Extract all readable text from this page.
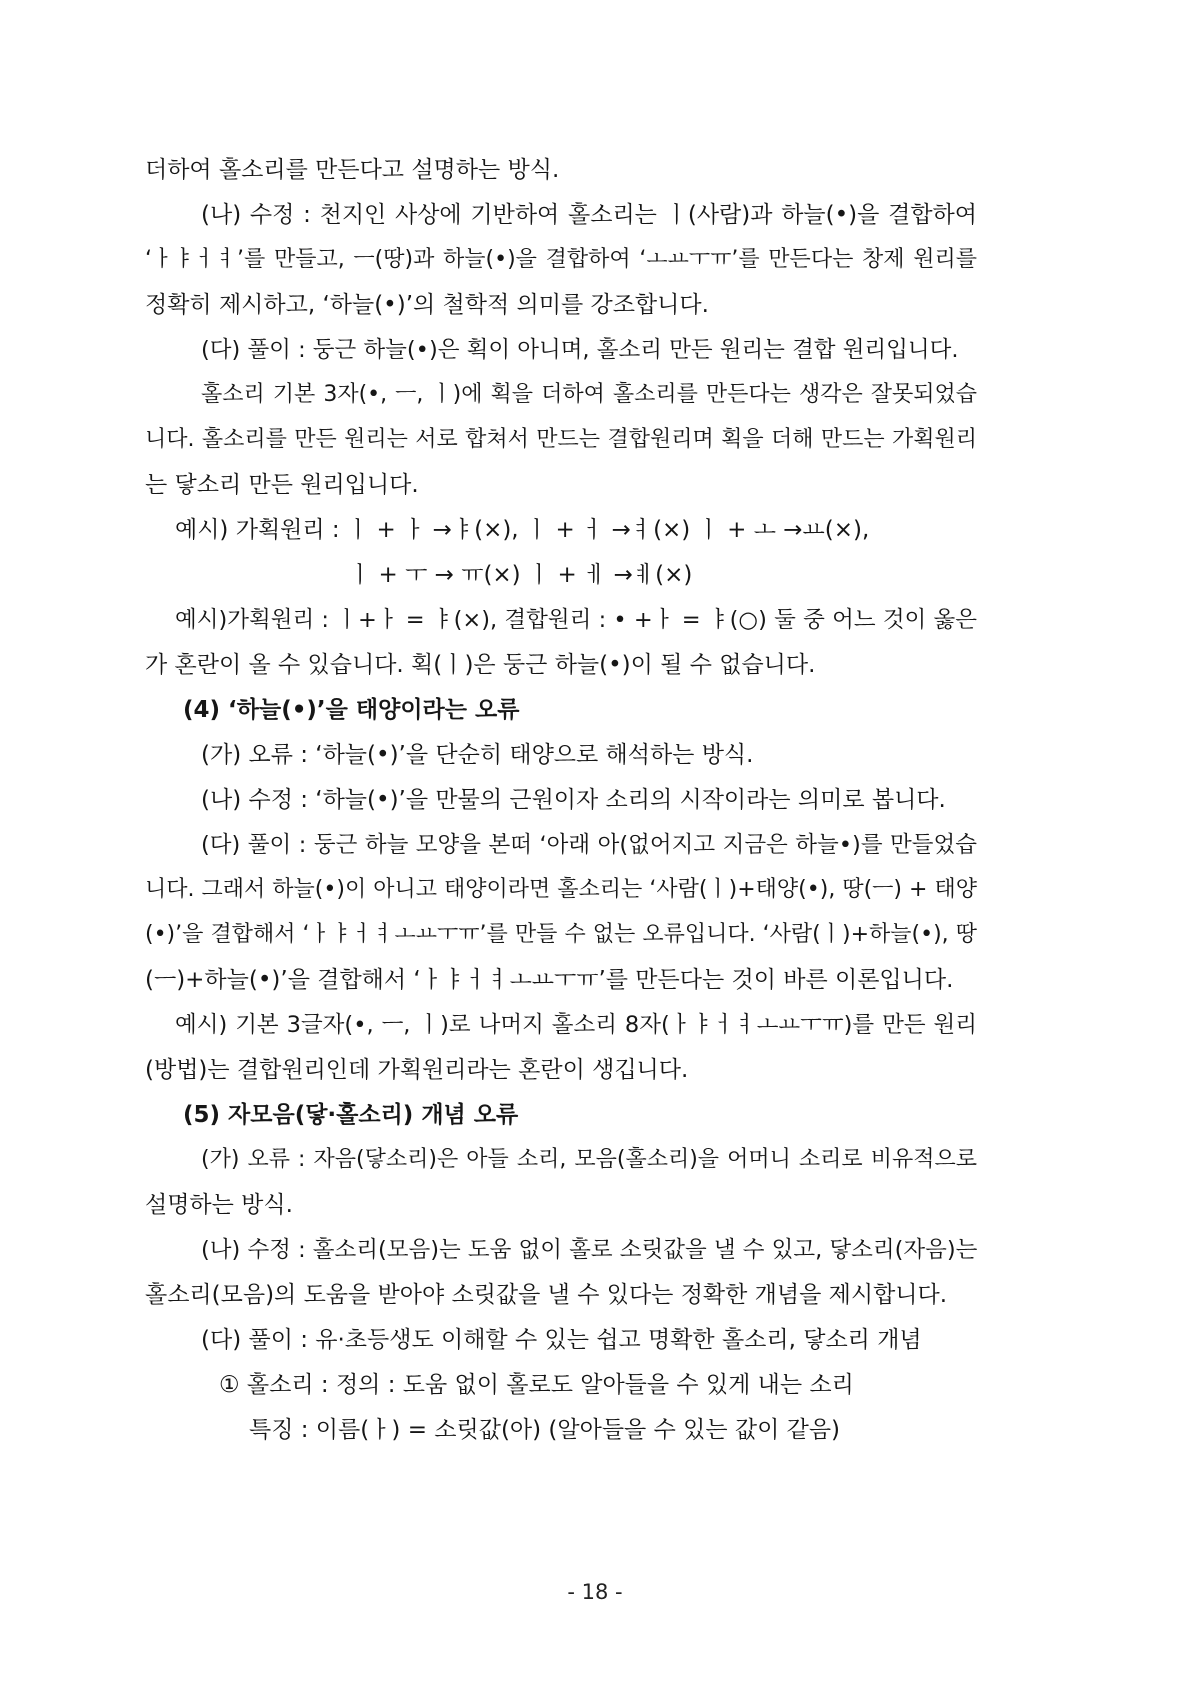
더하여 홀소리를 만든다고 설명하는 방식.
(나) 수정 : 천지인 사상에 기반하여 홀소리는 ㅣ(사람)과 하늘(•)을 결합하여
‘ㅏㅑㅓㅕ’를 만들고, ㅡ(땅)과 하늘(•)을 결합하여 ‘ㅗㅛㅜㅠ’를 만든다는 창제 원리를
정확히 제시하고, ‘하늘(•)’의 철학적 의미를 강조합니다.
(다) 풀이 : 둥근 하늘(•)은 획이 아니며, 홀소리 만든 원리는 결합 원리입니다.
홀소리 기본 3자(•, ㅡ, ㅣ)에 획을 더하여 홀소리를 만든다는 생각은 잘못되었습
니다. 홀소리를 만든 원리는 서로 합쳐서 만드는 결합원리며 획을 더해 만드는 가획원리
는 닿소리 만든 원리입니다.
예시) 가획원리 : ㅣ + ㅏ →ㅑ(×), ㅣ + ㅓ →ㅕ(×) ㅣ + ㅗ →ㅛ(×),
ㅣ + ㅜ → ㅠ(×) ㅣ + ㅔ →ㅖ(×)
예시)가획원리 : ㅣ+ㅏ = ㅑ(×), 결합원리 : • +ㅏ = ㅑ(○) 둘 중 어느 것이 옳은
가 혼란이 올 수 있습니다. 획(ㅣ)은 둥근 하늘(•)이 될 수 없습니다.
(4) ‘하늘(•)’을 태양이라는 오류
(가) 오류 : ‘하늘(•)’을 단순히 태양으로 해석하는 방식.
(나) 수정 : ‘하늘(•)’을 만물의 근원이자 소리의 시작이라는 의미로 봅니다.
(다) 풀이 : 둥근 하늘 모양을 본떠 ‘아래 아(없어지고 지금은 하늘•)를 만들었습
니다. 그래서 하늘(•)이 아니고 태양이라면 홀소리는 ‘사람(ㅣ)+태양(•), 땅(ㅡ) + 태양
(•)’을 결합해서 ‘ㅏㅑㅓㅕㅗㅛㅜㅠ’를 만들 수 없는 오류입니다. ‘사람(ㅣ)+하늘(•), 땅
(ㅡ)+하늘(•)’을 결합해서 ‘ㅏㅑㅓㅕㅗㅛㅜㅠ’를 만든다는 것이 바른 이론입니다.
예시) 기본 3글자(•, ㅡ, ㅣ)로 나머지 홀소리 8자(ㅏㅑㅓㅕㅗㅛㅜㅠ)를 만든 원리
(방법)는 결합원리인데 가획원리라는 혼란이 생깁니다.
(5) 자모음(닿·홀소리) 개념 오류
(가) 오류 : 자음(닿소리)은 아들 소리, 모음(홀소리)을 어머니 소리로 비유적으로
설명하는 방식.
(나) 수정 : 홀소리(모음)는 도움 없이 홀로 소릿값을 낼 수 있고, 닿소리(자음)는
홀소리(모음)의 도움을 받아야 소릿값을 낼 수 있다는 정확한 개념을 제시합니다.
(다) 풀이 : 유·초등생도 이해할 수 있는 쉽고 명확한 홀소리, 닿소리 개념
① 홀소리 : 정의 : 도움 없이 홀로도 알아들을 수 있게 내는 소리
특징 : 이름(ㅏ) = 소릿값(아) (알아들을 수 있는 값이 같음)
- 18 -
